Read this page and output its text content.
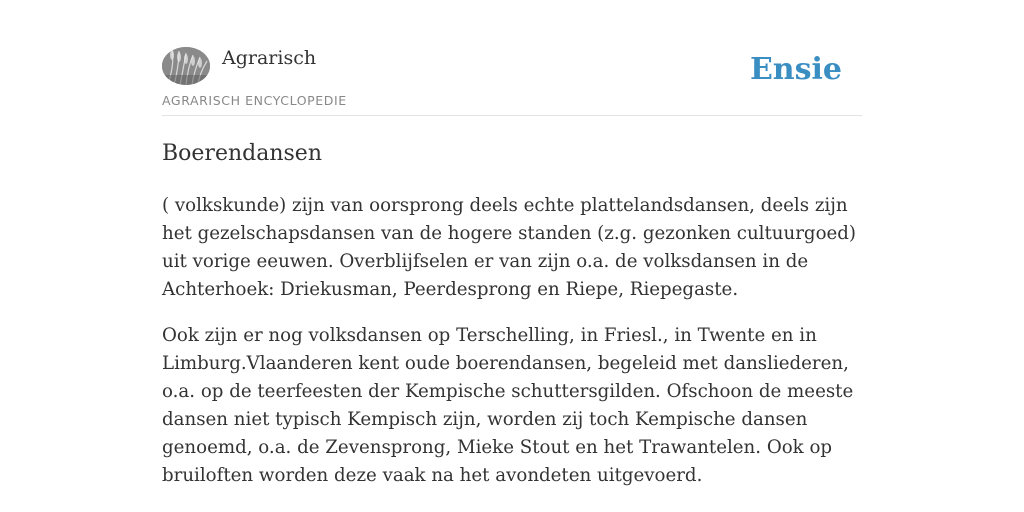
Agrarisch
AGRARISCH ENCYCLOPEDIE
Ensie
Boerendansen

( volkskunde) zijn van oorsprong deels echte plattelandsdansen, deels zijn het gezelschapsdansen van de hogere standen (z.g. gezonken cultuurgoed) uit vorige eeuwen. Overblijfselen er van zijn o.a. de volksdansen in de Achterhoek: Driekusman, Peerdesprong en Riepe, Riepegaste.

Ook zijn er nog volksdansen op Terschelling, in Friesl., in Twente en in Limburg.Vlaanderen kent oude boerendansen, begeleid met dansliederen, o.a. op de teerfeesten der Kempische schuttersgilden. Ofschoon de meeste dansen niet typisch Kempisch zijn, worden zij toch Kempische dansen genoemd, o.a. de Zevensprong, Mieke Stout en het Trawantelen. Ook op bruiloften worden deze vaak na het avondeten uitgevoerd.
